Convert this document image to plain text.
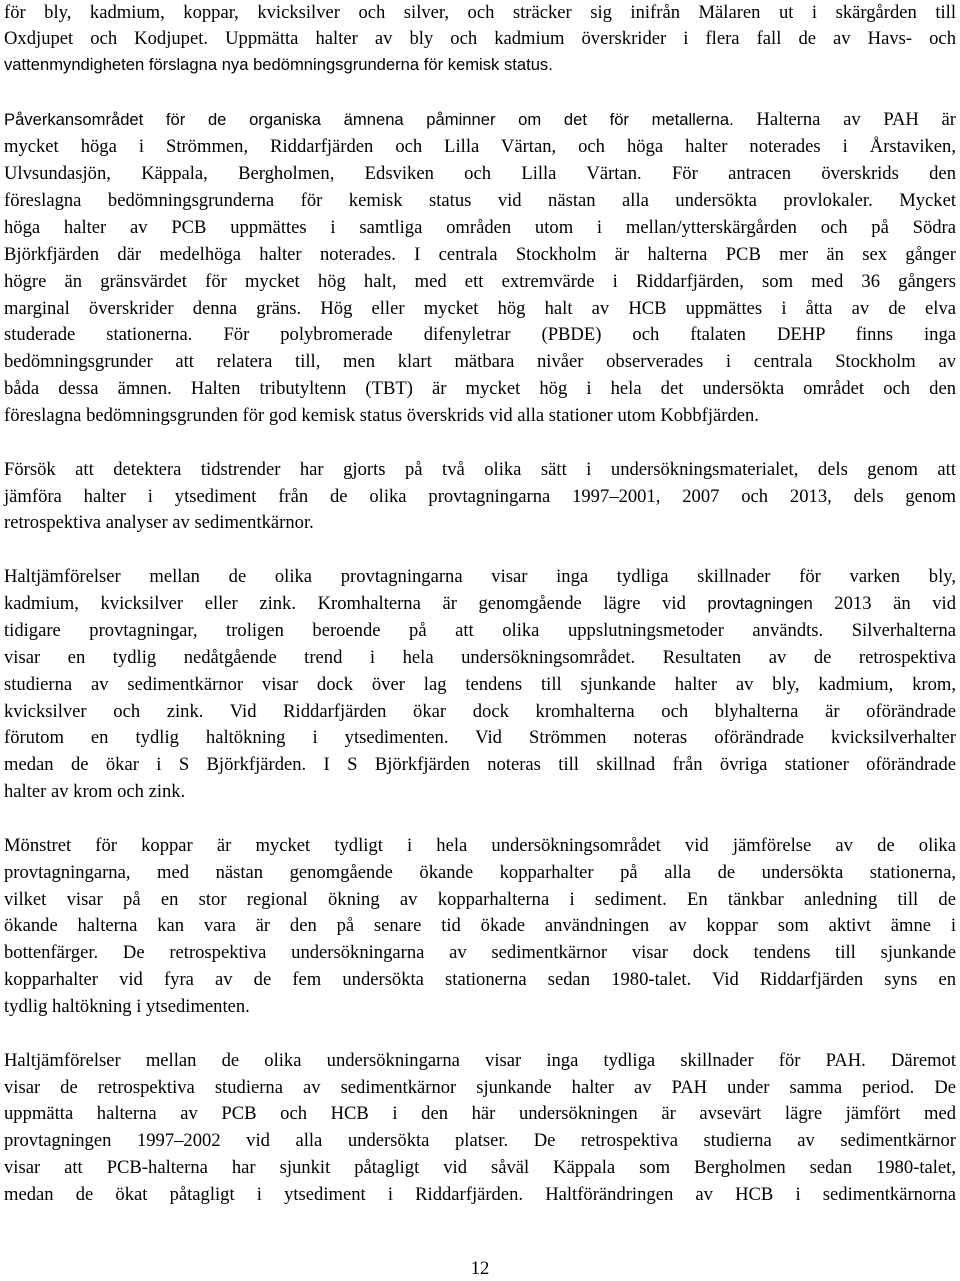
för bly, kadmium, koppar, kvicksilver och silver, och sträcker sig inifrån Mälaren ut i skärgården till
Oxdjupet och Kodjupet. Uppmätta halter av bly och kadmium överskrider i flera fall de av Havs- och
vattenmyndigheten förslagna nya bedömningsgrunderna för kemisk status.
Påverkansområdet för de organiska ämnena påminner om det för metallerna. Halterna av PAH är
mycket höga i Strömmen, Riddarfjärden och Lilla Värtan, och höga halter noterades i Årstaviken,
Ulvsundasjön, Käppala, Bergholmen, Edsviken och Lilla Värtan. För antracen överskrids den
föreslagna bedömningsgrunderna för kemisk status vid nästan alla undersökta provlokaler. Mycket
höga halter av PCB uppmättes i samtliga områden utom i mellan/ytterskärgården och på Södra
Björkfjärden där medelhöga halter noterades. I centrala Stockholm är halterna PCB mer än sex gånger
högre än gränsvärdet för mycket hög halt, med ett extremvärde i Riddarfjärden, som med 36 gångers
marginal överskrider denna gräns. Hög eller mycket hög halt av HCB uppmättes i åtta av de elva
studerade stationerna. För polybromerade difenyletrar (PBDE) och ftalaten DEHP finns inga
bedömningsgrunder att relatera till, men klart mätbara nivåer observerades i centrala Stockholm av
båda dessa ämnen. Halten tributyltenn (TBT) är mycket hög i hela det undersökta området och den
föreslagna bedömningsgrunden för god kemisk status överskrids vid alla stationer utom Kobbfjärden.
Försök att detektera tidstrender har gjorts på två olika sätt i undersökningsmaterialet, dels genom att
jämföra halter i ytsediment från de olika provtagningarna 1997–2001, 2007 och 2013, dels genom
retrospektiva analyser av sedimentkärnor.
Haltjämförelser mellan de olika provtagningarna visar inga tydliga skillnader för varken bly,
kadmium, kvicksilver eller zink. Kromhalterna är genomgående lägre vid provtagningen 2013 än vid
tidigare provtagningar, troligen beroende på att olika uppslutningsmetoder användts. Silverhalterna
visar en tydlig nedåtgående trend i hela undersökningsområdet. Resultaten av de retrospektiva
studierna av sedimentkärnor visar dock över lag tendens till sjunkande halter av bly, kadmium, krom,
kvicksilver och zink. Vid Riddarfjärden ökar dock kromhalterna och blyhalterna är oförändrade
förutom en tydlig haltökning i ytsedimenten. Vid Strömmen noteras oförändrade kvicksilverhalter
medan de ökar i S Björkfjärden. I S Björkfjärden noteras till skillnad från övriga stationer oförändrade
halter av krom och zink.
Mönstret för koppar är mycket tydligt i hela undersökningsområdet vid jämförelse av de olika
provtagningarna, med nästan genomgående ökande kopparhalter på alla de undersökta stationerna,
vilket visar på en stor regional ökning av kopparhalterna i sediment. En tänkbar anledning till de
ökande halterna kan vara är den på senare tid ökade användningen av koppar som aktivt ämne i
bottenfärger. De retrospektiva undersökningarna av sedimentkärnor visar dock tendens till sjunkande
kopparhalter vid fyra av de fem undersökta stationerna sedan 1980-talet. Vid Riddarfjärden syns en
tydlig haltökning i ytsedimenten.
Haltjämförelser mellan de olika undersökningarna visar inga tydliga skillnader för PAH. Däremot
visar de retrospektiva studierna av sedimentkärnor sjunkande halter av PAH under samma period. De
uppmätta halterna av PCB och HCB i den här undersökningen är avsevärt lägre jämfört med
provtagningen 1997–2002 vid alla undersökta platser. De retrospektiva studierna av sedimentkärnor
visar att PCB-halterna har sjunkit påtagligt vid såväl Käppala som Bergholmen sedan 1980-talet,
medan de ökat påtagligt i ytsediment i Riddarfjärden. Haltförändringen av HCB i sedimentkärnorna
12
